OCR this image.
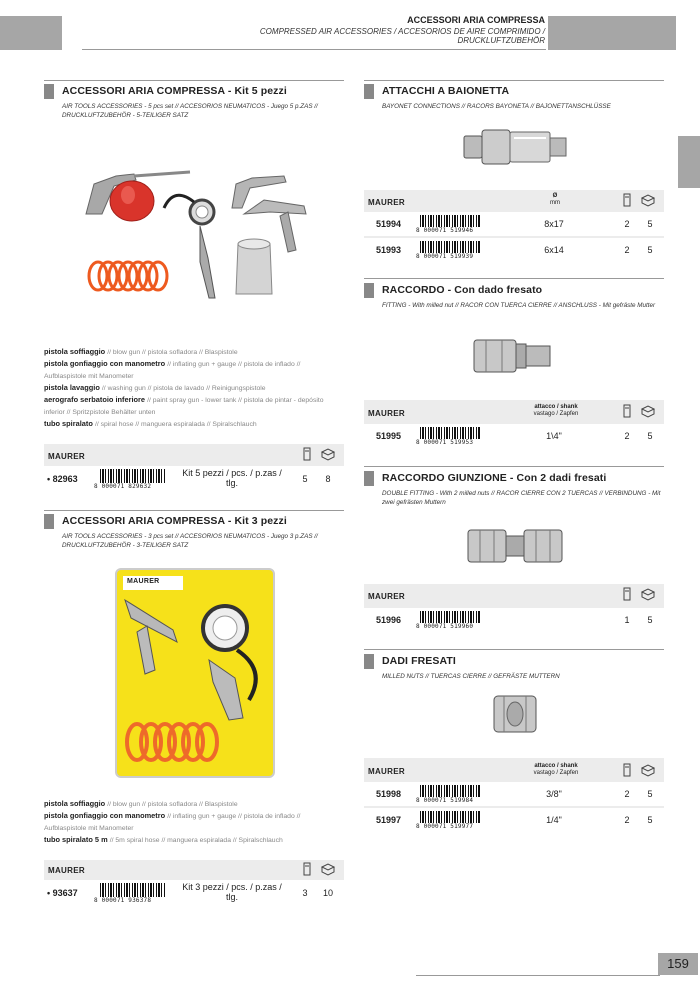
ACCESSORI ARIA COMPRESSA
COMPRESSED AIR ACCESSORIES / ACCESORIOS DE AIRE COMPRIMIDO / DRUCKLUFTZUBEHÖR
ACCESSORI ARIA COMPRESSA - Kit 5 pezzi
AIR TOOLS ACCESSORIES - 5 pcs set // ACCESORIOS NEUMATICOS - Juego 5 p.ZAS // DRUCKLUFTZUBEHÖR - 5-TEILIGER SATZ
pistola soffiaggio // blow gun // pistola sofladora // Blaspistole
pistola gonfiaggio con manometro // inflating gun + gauge // pistola de inflado // Aufblaspistole mit Manometer
pistola lavaggio // washing gun // pistola de lavado // Reinigungspistole
aerografo serbatoio inferiore // paint spray gun - lower tank // pistola de pintar - depósito inferior // Spritzpistole Behälter unten
tubo spiralato // spiral hose // manguera espiralada // Spiralschlauch
MAURER
• 82963
8 000071 829632
Kit 5 pezzi / pcs. / p.zas / tlg.	5	8
ACCESSORI ARIA COMPRESSA - Kit 3 pezzi
AIR TOOLS ACCESSORIES - 3 pcs set // ACCESORIOS NEUMATICOS - Juego 3 p.ZAS // DRUCKLUFTZUBEHÖR - 3-TEILIGER SATZ
MAURER
pistola soffiaggio // blow gun // pistola sofladora // Blaspistole
pistola gonfiaggio con manometro // inflating gun + gauge // pistola de inflado // Aufblaspistole mit Manometer
tubo spiralato 5 m // 5m spiral hose // manguera espiralada // Spiralschlauch
MAURER
• 93637
8 000071 936378
Kit 3 pezzi / pcs. / p.zas / tlg.	3	10
ATTACCHI A BAIONETTA
BAYONET CONNECTIONS // RACORS BAYONETA // BAJONETTANSCHLÜSSE
MAURER
Ø
mm
51994
8 000071 519946
8x17	2	5
51993
8 000071 519939
6x14	2	5
RACCORDO - Con dado fresato
FITTING - With milled nut // RACOR CON TUERCA CIERRE // ANSCHLUSS - Mit gefräste Mutter
MAURER
attacco / shank
vastago / Zapfen
51995
8 000071 519953
1\4"	2	5
RACCORDO GIUNZIONE - Con 2 dadi fresati
DOUBLE FITTING - With 2 milled nuts // RACOR CIERRE CON 2 TUERCAS // VERBINDUNG - Mit zwei gefrästen Muttern
MAURER
51996
8 000071 519960
1	5
DADI FRESATI
MILLED NUTS // TUERCAS CIERRE // GEFRÄSTE MUTTERN
MAURER
attacco / shank
vastago / Zapfen
51998
8 000071 519984
3/8"	2	5
51997
8 000071 519977
1/4"	2	5
159
